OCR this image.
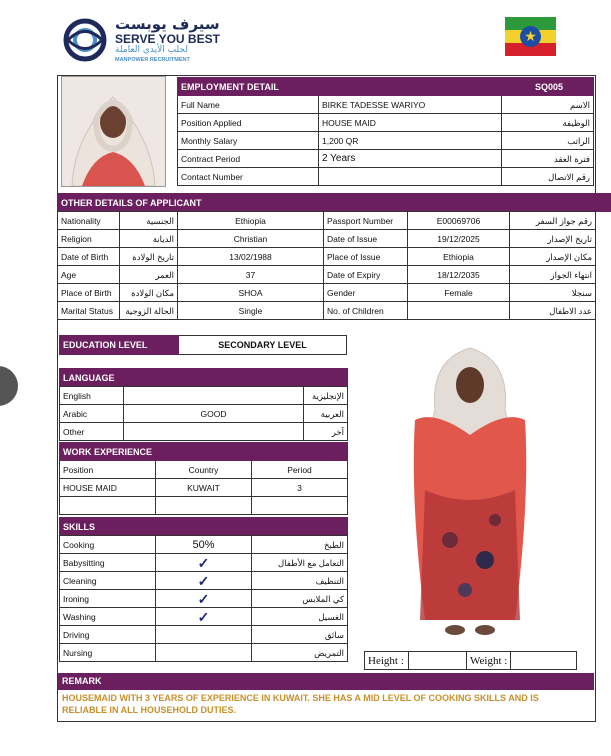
سيرف يوبست
SERVE YOU BEST
لجلب الأيدي العاملة
MANPOWER RECRUITMENT
★
EMPLOYMENT DETAIL		SQ005	
Full Name	BIRKE TADESSE WARIYO		الاسم
Position Applied	HOUSE MAID		الوظيفة
Monthly Salary	1,200 QR		الراتب
Contract Period	2 Years		فترة العقد
Contact Number			رقم الاتصال
OTHER DETAILS OF APPLICANT
Nationality	الجنسية	Ethiopia	Passport Number	E00069706	رقم جواز السفر
Religion	الديانة	Christian	Date of Issue	19/12/2025	تاريخ الإصدار
Date of Birth	تاريخ الولادة	13/02/1988	Place of Issue	Ethiopia	مكان الإصدار
Age	العمر	37	Date of Expiry	18/12/2035	انتهاء الجواز
Place of Birth	مكان الولادة	SHOA	Gender	Female	سنجلا
Marital Status	الحالة الزوجية	Single	No. of Children		عدد الاطفال
EDUCATION LEVEL	SECONDARY LEVEL
LANGUAGE
English		الإنجليزية
Arabic	GOOD	العربية
Other		آخر
WORK EXPERIENCE		
Position	Country	Period
HOUSE MAID	KUWAIT	3

SKILLS
Cooking	50%	الطبخ
Babysitting	✓	التعامل مع الأطفال
Cleaning	✓	التنظيف
Ironing	✓	كي الملابس
Washing	✓	الغسيل
Driving		سائق
Nursing		التمريض
Height :		Weight :	
REMARK
HOUSEMAID WITH 3 YEARS OF EXPERIENCE IN KUWAIT. SHE HAS A MID LEVEL OF COOKING SKILLS AND IS RELIABLE IN ALL HOUSEHOLD DUTIES.
